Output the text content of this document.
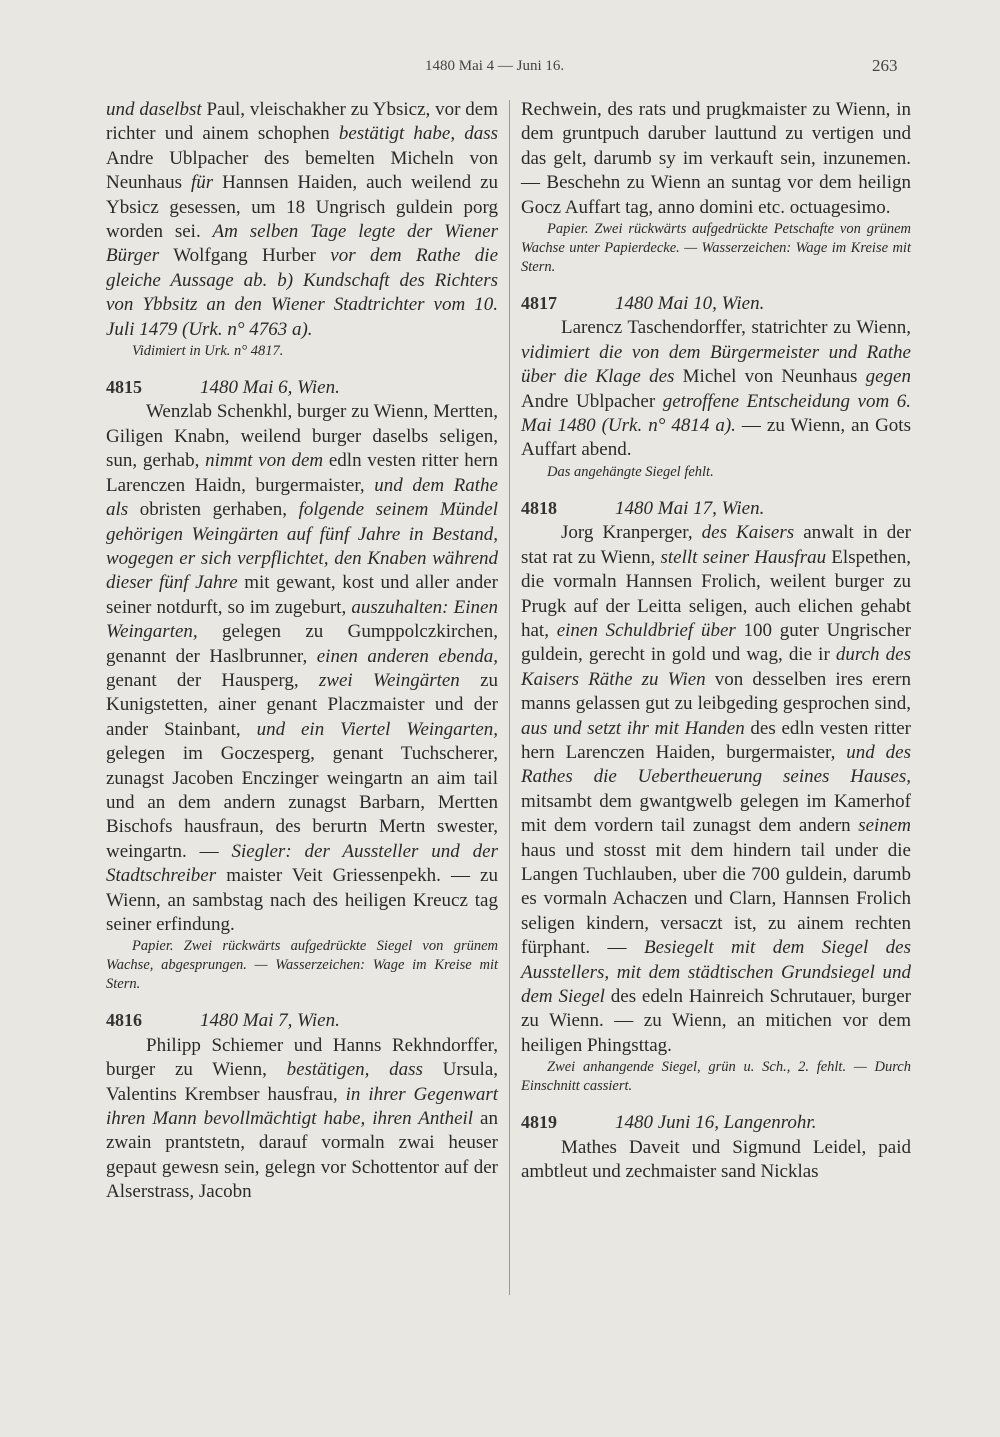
1480 Mai 4 — Juni 16.	263

und daselbst Paul, vleischakher zu Ybsicz, vor dem richter und ainem schophen bestätigt habe, dass Andre Ublpacher des bemelten Micheln von Neunhaus für Hannsen Haiden, auch weilend zu Ybsicz gesessen, um 18 Ungrisch guldein porg worden sei. Am selben Tage legte der Wiener Bürger Wolfgang Hurber vor dem Rathe die gleiche Aussage ab. b) Kundschaft des Richters von Ybbsitz an den Wiener Stadtrichter vom 10. Juli 1479 (Urk. n° 4763 a).

Vidimiert in Urk. n° 4817.

4815	1480 Mai 6, Wien.

Wenzlab Schenkhl, burger zu Wienn, Mertten, Giligen Knabn, weilend burger daselbs seligen, sun, gerhab, nimmt von dem edln vesten ritter hern Larenczen Haidn, burgermaister, und dem Rathe als obristen gerhaben, folgende seinem Mündel gehörigen Weingärten auf fünf Jahre in Bestand, wogegen er sich verpflichtet, den Knaben während dieser fünf Jahre mit gewant, kost und aller ander seiner notdurft, so im zugeburt, auszuhalten: Einen Weingarten, gelegen zu Gumppolczkirchen, genannt der Haslbrunner, einen anderen ebenda, genant der Hausperg, zwei Weingärten zu Kunigstetten, ainer genant Placzmaister und der ander Stainbant, und ein Viertel Weingarten, gelegen im Goczesperg, genant Tuchscherer, zunagst Jacoben Enczinger weingartn an aim tail und an dem andern zunagst Barbarn, Mertten Bischofs hausfraun, des berurtn Mertn swester, weingartn. — Siegler: der Aussteller und der Stadtschreiber maister Veit Griessenpekh. — zu Wienn, an sambstag nach des heiligen Kreucz tag seiner erfindung.

Papier. Zwei rückwärts aufgedrückte Siegel von grünem Wachse, abgesprungen. — Wasserzeichen: Wage im Kreise mit Stern.

4816	1480 Mai 7, Wien.

Philipp Schiemer und Hanns Rekhndorffer, burger zu Wienn, bestätigen, dass Ursula, Valentins Krembser hausfrau, in ihrer Gegenwart ihren Mann bevollmächtigt habe, ihren Antheil an zwain prantstetn, darauf vormaln zwai heuser gepaut gewesn sein, gelegn vor Schottentor auf der Alserstrass, Jacobn

Rechwein, des rats und prugkmaister zu Wienn, in dem gruntpuch daruber lauttund zu vertigen und das gelt, darumb sy im verkauft sein, inzunemen. — Beschehn zu Wienn an suntag vor dem heilign Gocz Auffart tag, anno domini etc. octuagesimo.

Papier. Zwei rückwärts aufgedrückte Petschafte von grünem Wachse unter Papierdecke. — Wasserzeichen: Wage im Kreise mit Stern.

4817	1480 Mai 10, Wien.

Larencz Taschendorffer, statrichter zu Wienn, vidimiert die von dem Bürgermeister und Rathe über die Klage des Michel von Neunhaus gegen Andre Ublpacher getroffene Entscheidung vom 6. Mai 1480 (Urk. n° 4814 a). — zu Wienn, an Gots Auffart abend.

Das angehängte Siegel fehlt.

4818	1480 Mai 17, Wien.

Jorg Kranperger, des Kaisers anwalt in der stat rat zu Wienn, stellt seiner Hausfrau Elspethen, die vormaln Hannsen Frolich, weilent burger zu Prugk auf der Leitta seligen, auch elichen gehabt hat, einen Schuldbrief über 100 guter Ungrischer guldein, gerecht in gold und wag, die ir durch des Kaisers Räthe zu Wien von desselben ires erern manns gelassen gut zu leibgeding gesprochen sind, aus und setzt ihr mit Handen des edln vesten ritter hern Larenczen Haiden, burgermaister, und des Rathes die Uebertheuerung seines Hauses, mitsambt dem gwantgwelb gelegen im Kamerhof mit dem vordern tail zunagst dem andern seinem haus und stosst mit dem hindern tail under die Langen Tuchlauben, uber die 700 guldein, darumb es vormaln Achaczen und Clarn, Hannsen Frolich seligen kindern, versaczt ist, zu ainem rechten fürphant. — Besiegelt mit dem Siegel des Ausstellers, mit dem städtischen Grundsiegel und dem Siegel des edeln Hainreich Schrutauer, burger zu Wienn. — zu Wienn, an mitichen vor dem heiligen Phingsttag.

Zwei anhangende Siegel, grün u. Sch., 2. fehlt. — Durch Einschnitt cassiert.

4819	1480 Juni 16, Langenrohr.

Mathes Daveit und Sigmund Leidel, paid ambtleut und zechmaister sand Nicklas
